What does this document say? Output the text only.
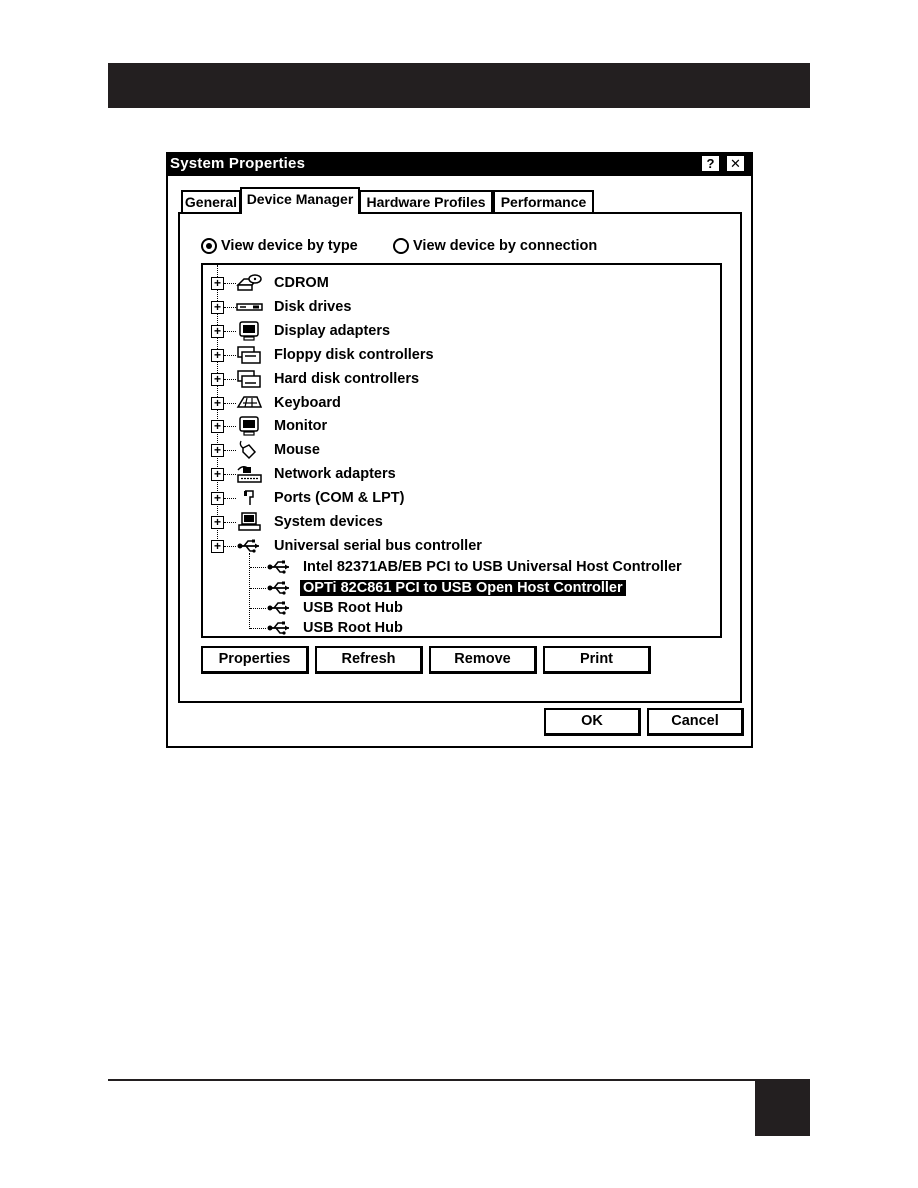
System Properties	?	✕
General Device Manager Hardware Profiles	Performance
View device by type	View device by connection
+	CDROM
+	Disk drives
+	Display adapters
+	Floppy disk controllers
+	Hard disk controllers
+	Keyboard
+	Monitor
+	Mouse
+	Network adapters
+	Ports (COM & LPT)
+	System devices
+	Universal serial bus controller
Intel 82371AB/EB PCI to USB Universal Host Controller
OPTi 82C861 PCI to USB Open Host Controller
USB Root Hub
USB Root Hub
Properties	Refresh	Remove	Print
OK	Cancel
